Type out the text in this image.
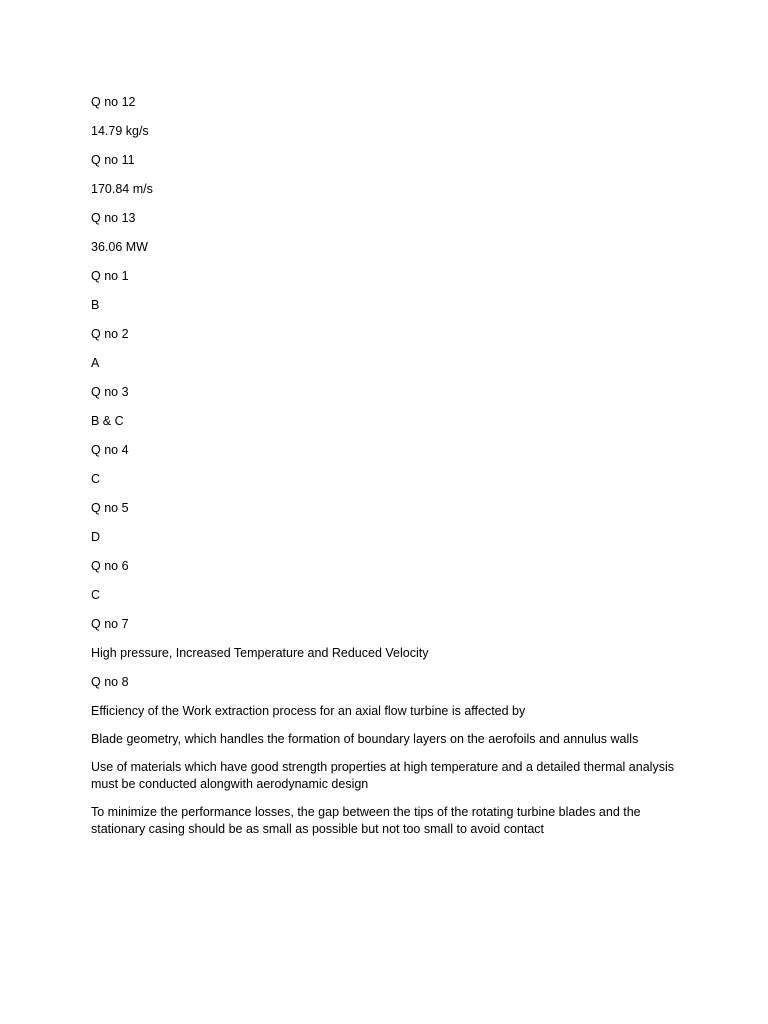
Q no 12

14.79 kg/s

Q no 11

170.84 m/s

Q no 13

36.06 MW

Q no 1

B

Q no 2

A

Q no 3

B & C

Q no 4

C

Q no 5

D

Q no 6

C

Q no 7

High pressure, Increased Temperature and Reduced Velocity

Q no 8

Efficiency of the Work extraction process for an axial flow turbine is affected by

Blade geometry, which handles the formation of boundary layers on the aerofoils and annulus walls

Use of materials which have good strength properties at high temperature and a detailed thermal analysis must be conducted alongwith aerodynamic design

To minimize the performance losses, the gap between the tips of the rotating turbine blades and the stationary casing should be as small as possible but not too small to avoid contact
